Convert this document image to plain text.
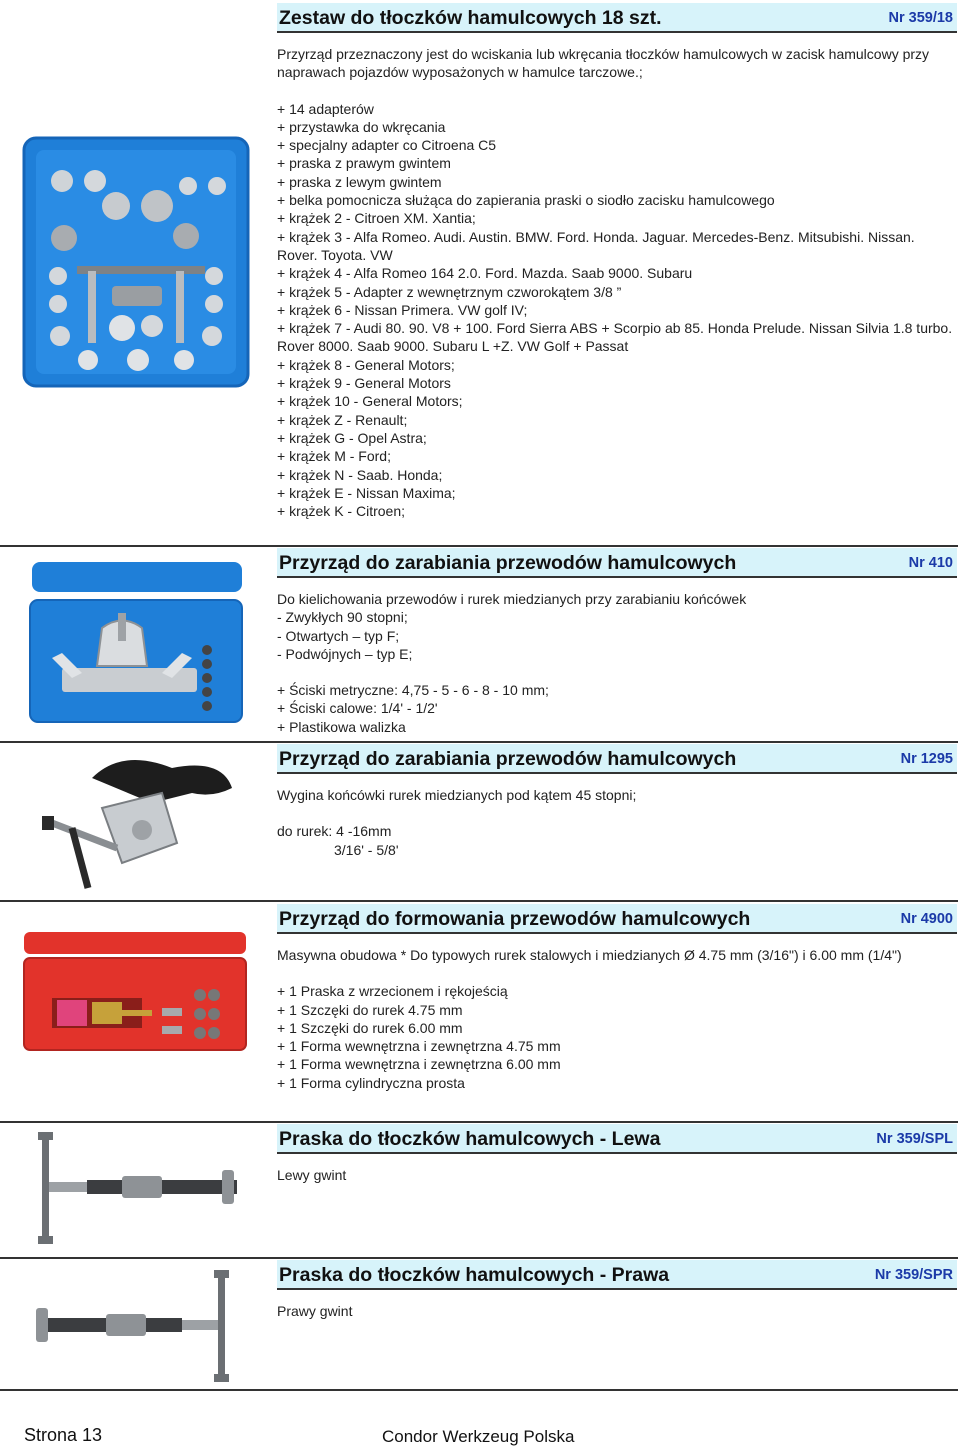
Zestaw do tłoczków hamulcowych 18 szt.	Nr 359/18
Przyrząd przeznaczony jest do wciskania lub wkręcania tłoczków hamulcowych w zacisk hamulcowy przy naprawach pojazdów wyposażonych w hamulce tarczowe.;
+ 14 adapterów
+ przystawka do wkręcania
+ specjalny adapter co Citroena C5
+ praska z prawym gwintem
+ praska z lewym gwintem
+ belka pomocnicza służąca do zapierania praski o siodło zacisku hamulcowego
+ krążek 2 - Citroen XM. Xantia;
+ krążek 3 - Alfa Romeo. Audi. Austin. BMW. Ford. Honda. Jaguar. Mercedes-Benz. Mitsubishi. Nissan. Rover. Toyota. VW
+ krążek 4 - Alfa Romeo 164 2.0. Ford. Mazda. Saab 9000. Subaru
+ krążek 5 - Adapter z wewnętrznym czworokątem 3/8 ”
+ krążek 6 - Nissan Primera. VW golf IV;
+ krążek 7 - Audi 80. 90. V8 + 100. Ford Sierra ABS + Scorpio ab 85. Honda Prelude. Nissan Silvia 1.8 turbo. Rover 8000. Saab 9000. Subaru L +Z. VW Golf + Passat
+ krążek 8 - General Motors;
+ krążek 9 - General Motors
+ krążek 10 - General Motors;
+ krążek Z - Renault;
+ krążek G - Opel Astra;
+ krążek M - Ford;
+ krążek N - Saab. Honda;
+ krążek E - Nissan Maxima;
+ krążek K - Citroen;
Przyrząd do zarabiania przewodów hamulcowych	Nr 410
Do kielichowania przewodów i rurek miedzianych przy zarabianiu końcówek
- Zwykłych 90 stopni;
- Otwartych – typ F;
- Podwójnych – typ E;
+ Ściski metryczne: 4,75 - 5 - 6 - 8 - 10 mm;
+ Ściski calowe: 1/4' - 1/2'
+ Plastikowa walizka
Przyrząd do zarabiania przewodów hamulcowych	Nr 1295
Wygina końcówki rurek miedzianych pod kątem 45 stopni;
do rurek: 4 -16mm
3/16' - 5/8'
Przyrząd do formowania przewodów hamulcowych	Nr 4900
Masywna obudowa * Do typowych rurek stalowych i miedzianych Ø 4.75 mm (3/16") i 6.00 mm (1/4")
+ 1 Praska z wrzecionem i rękojeścią
+ 1 Szczęki do rurek 4.75 mm
+ 1 Szczęki do rurek 6.00 mm
+ 1 Forma wewnętrzna i zewnętrzna 4.75 mm
+ 1 Forma wewnętrzna i zewnętrzna 6.00 mm
+ 1 Forma cylindryczna prosta
Praska do tłoczków hamulcowych - Lewa	Nr 359/SPL
Lewy gwint
Praska do tłoczków hamulcowych - Prawa	Nr 359/SPR
Prawy gwint
Strona 13	Condor Werkzeug Polska
